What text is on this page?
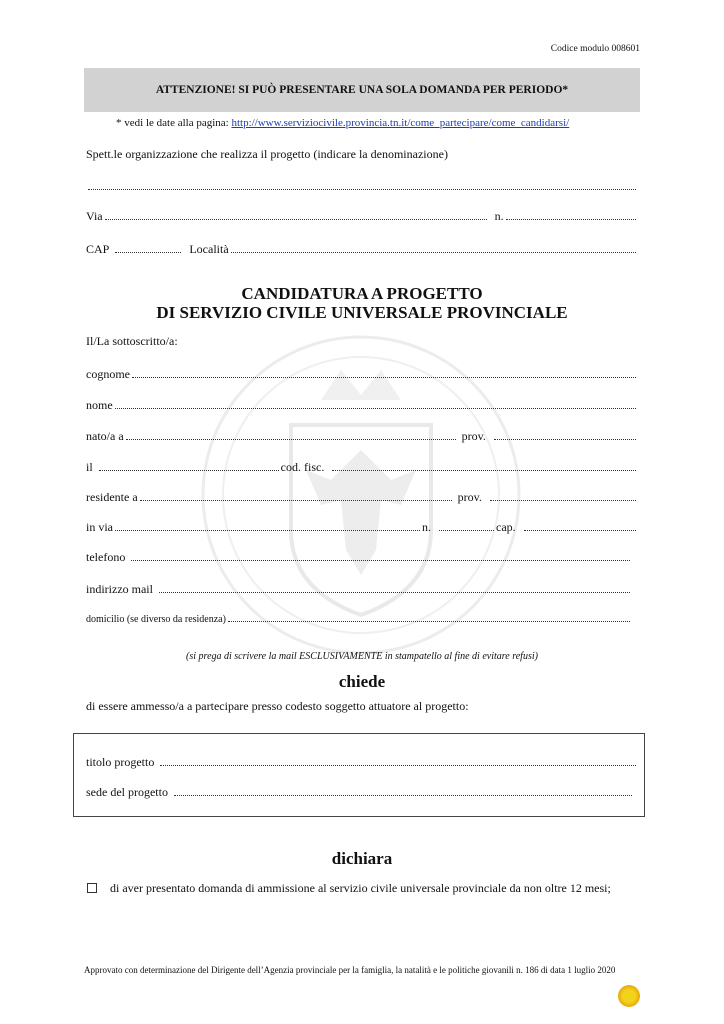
Codice modulo 008601
ATTENZIONE! SI PUÒ PRESENTARE UNA SOLA DOMANDA PER PERIODO*
* vedi le date alla pagina: http://www.serviziocivile.provincia.tn.it/come_partecipare/come_candidarsi/
Spett.le organizzazione che realizza il progetto (indicare la denominazione)
Via	n.
CAP	Località
CANDIDATURA A PROGETTO
DI SERVIZIO CIVILE UNIVERSALE PROVINCIALE
Il/La sottoscritto/a:
cognome
nome
nato/a a	prov.
il	cod. fisc.
residente a	prov.
in via	n.	cap.
telefono
indirizzo mail
domicilio (se diverso da residenza)
(si prega di scrivere la mail ESCLUSIVAMENTE in stampatello al fine di evitare refusi)
chiede
di essere ammesso/a a partecipare presso codesto soggetto attuatore al progetto:
titolo progetto
sede del progetto
dichiara
di aver presentato domanda di ammissione al servizio civile universale provinciale da non oltre 12 mesi;
Approvato con determinazione del Dirigente dell’Agenzia provinciale per la famiglia, la natalità e le politiche giovanili n. 186 di data 1 luglio 2020
